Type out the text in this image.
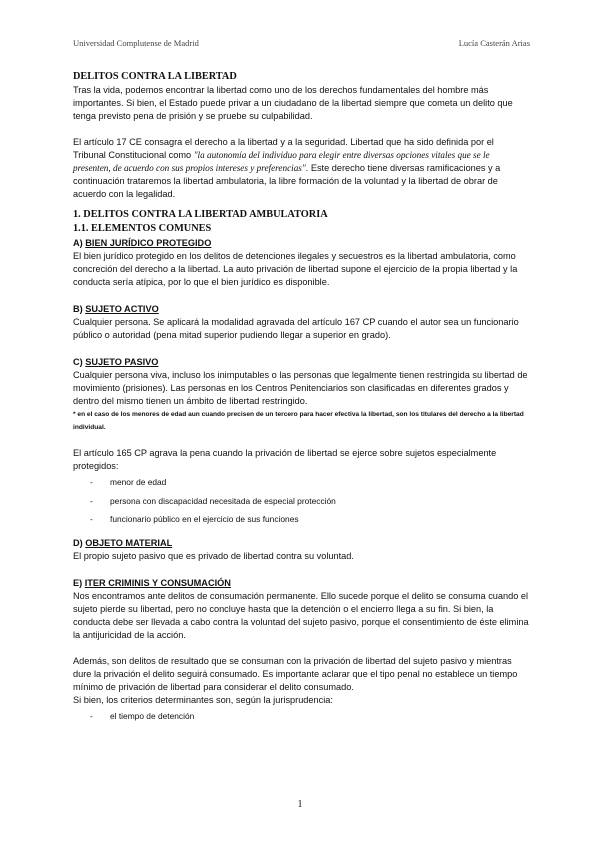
Universidad Complutense de Madrid	Lucía Casterán Arias

DELITOS CONTRA LA LIBERTAD

Tras la vida, podemos encontrar la libertad como uno de los derechos fundamentales del hombre más importantes. Si bien, el Estado puede privar a un ciudadano de la libertad siempre que cometa un delito que tenga previsto pena de prisión y se pruebe su culpabilidad.

El artículo 17 CE consagra el derecho a la libertad y a la seguridad. Libertad que ha sido definida por el Tribunal Constitucional como "la autonomía del individuo para elegir entre diversas opciones vitales que se le presenten, de acuerdo con sus propios intereses y preferencias". Este derecho tiene diversas ramificaciones y a continuación trataremos la libertad ambulatoria, la libre formación de la voluntad y la libertad de obrar de acuerdo con la legalidad.

1. DELITOS CONTRA LA LIBERTAD AMBULATORIA

1.1. ELEMENTOS COMUNES

A) BIEN JURÍDICO PROTEGIDO

El bien jurídico protegido en los delitos de detenciones ilegales y secuestros es la libertad ambulatoria, como concreción del derecho a la libertad. La auto privación de libertad supone el ejercicio de la propia libertad y la conducta sería atípica, por lo que el bien jurídico es disponible.

B) SUJETO ACTIVO

Cualquier persona. Se aplicará la modalidad agravada del artículo 167 CP cuando el autor sea un funcionario público o autoridad (pena mitad superior pudiendo llegar a superior en grado).

C) SUJETO PASIVO

Cualquier persona viva, incluso los inimputables o las personas que legalmente tienen restringida su libertad de movimiento (prisiones). Las personas en los Centros Penitenciarios son clasificadas en diferentes grados y dentro del mismo tienen un ámbito de libertad restringido.

* en el caso de los menores de edad aun cuando precisen de un tercero para hacer efectiva la libertad, son los titulares del derecho a la libertad individual.

El artículo 165 CP agrava la pena cuando la privación de libertad se ejerce sobre sujetos especialmente protegidos:

- menor de edad
- persona con discapacidad necesitada de especial protección
- funcionario público en el ejercicio de sus funciones

D) OBJETO MATERIAL

El propio sujeto pasivo que es privado de libertad contra su voluntad.

E) ITER CRIMINIS Y CONSUMACIÓN

Nos encontramos ante delitos de consumación permanente. Ello sucede porque el delito se consuma cuando el sujeto pierde su libertad, pero no concluye hasta que la detención o el encierro llega a su fin. Si bien, la conducta debe ser llevada a cabo contra la voluntad del sujeto pasivo, porque el consentimiento de éste elimina la antijuricidad de la acción.

Además, son delitos de resultado que se consuman con la privación de libertad del sujeto pasivo y mientras dure la privación el delito seguirá consumado. Es importante aclarar que el tipo penal no establece un tiempo mínimo de privación de libertad para considerar el delito consumado.

Si bien, los criterios determinantes son, según la jurisprudencia:

- el tiempo de detención
1
